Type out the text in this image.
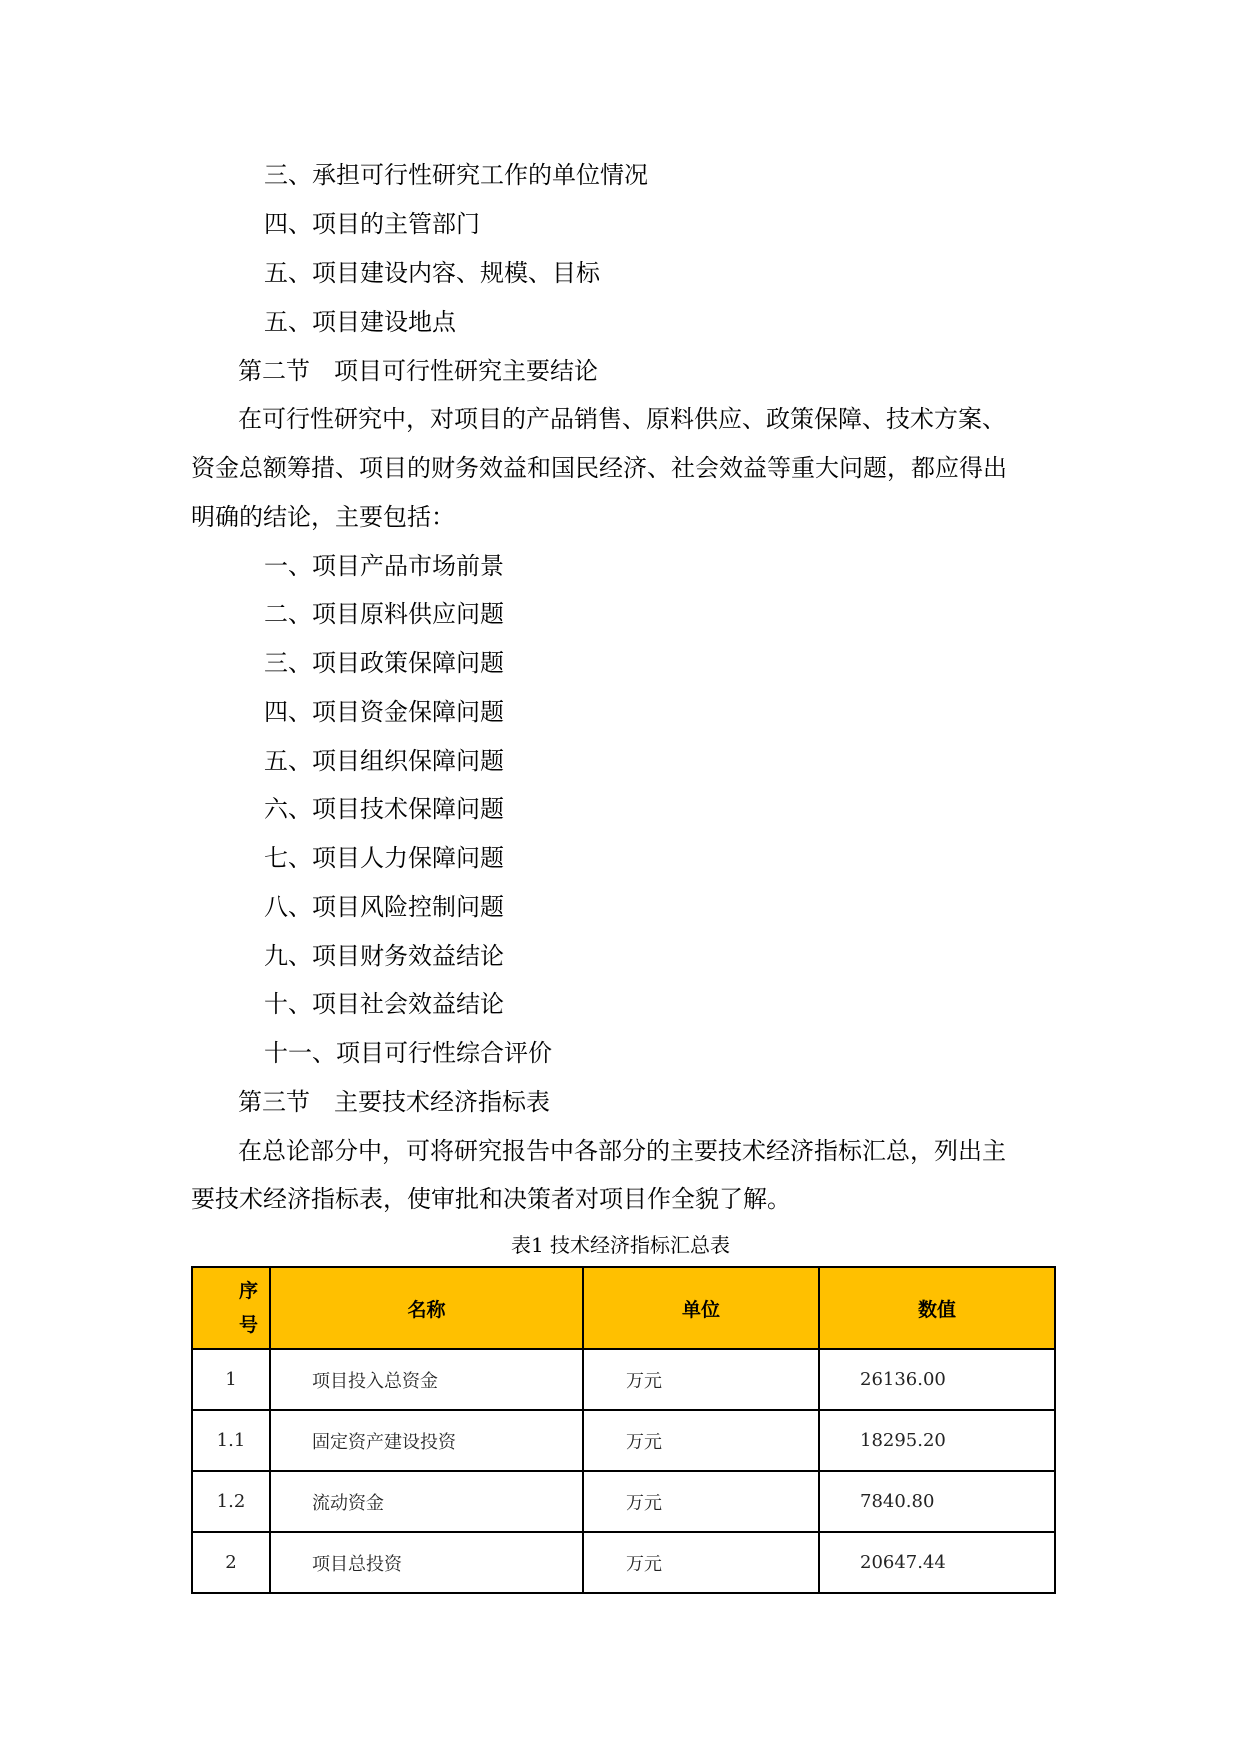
三、承担可行性研究工作的单位情况
四、项目的主管部门
五、项目建设内容、规模、目标
五、项目建设地点
第二节　项目可行性研究主要结论
在可行性研究中，对项目的产品销售、原料供应、政策保障、技术方案、
资金总额筹措、项目的财务效益和国民经济、社会效益等重大问题，都应得出
明确的结论，主要包括：
一、项目产品市场前景
二、项目原料供应问题
三、项目政策保障问题
四、项目资金保障问题
五、项目组织保障问题
六、项目技术保障问题
七、项目人力保障问题
八、项目风险控制问题
九、项目财务效益结论
十、项目社会效益结论
十一、项目可行性综合评价
第三节　主要技术经济指标表
在总论部分中，可将研究报告中各部分的主要技术经济指标汇总，列出主
要技术经济指标表，使审批和决策者对项目作全貌了解。
表1 技术经济指标汇总表
序号	名称	单位	数值
1	项目投入总资金	万元	26136.00
1.1	固定资产建设投资	万元	18295.20
1.2	流动资金	万元	7840.80
2	项目总投资	万元	20647.44
